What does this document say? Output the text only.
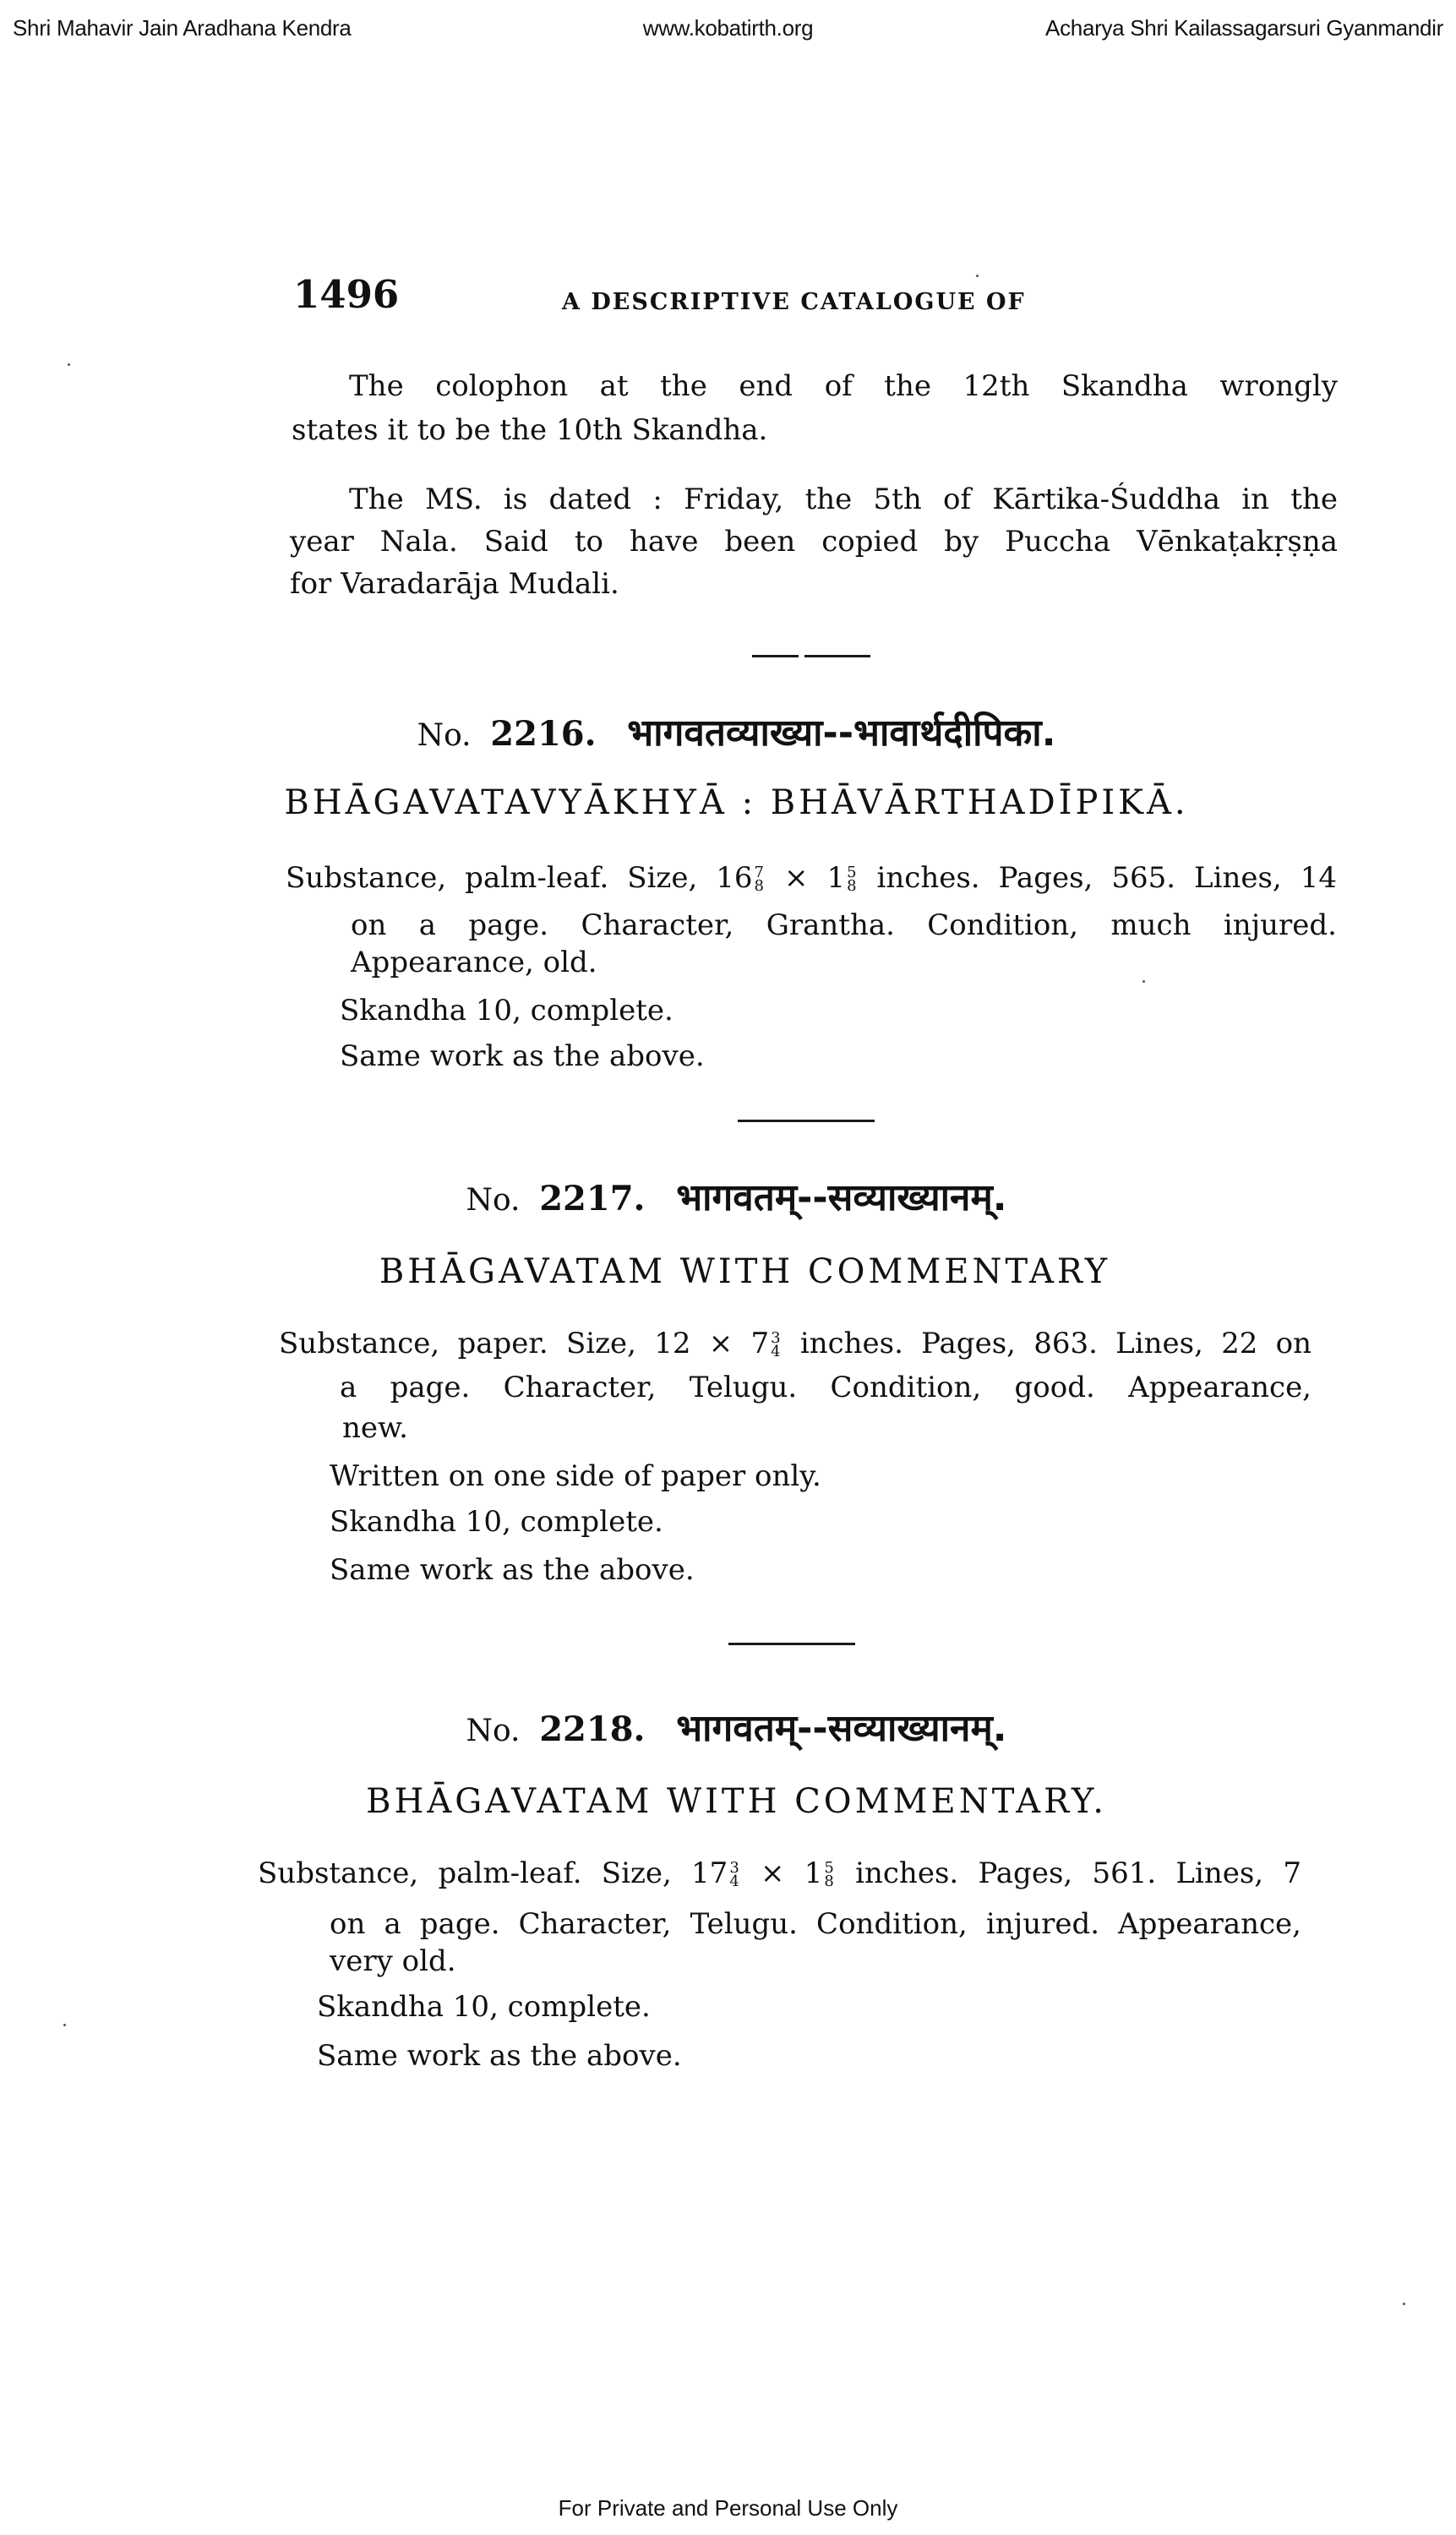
Shri Mahavir Jain Aradhana Kendra	www.kobatirth.org	Acharya Shri Kailassagarsuri Gyanmandir
1496	A DESCRIPTIVE CATALOGUE OF
The colophon at the end of the 12th Skandha wrongly
states it to be the 10th Skandha.
The MS. is dated : Friday, the 5th of Kārtika-Śuddha in the
year Nala. Said to have been copied by Puccha Vēnkaṭakṛṣṇa
for Varadarāja Mudali.
No. 2216. भागवतव्याख्या--भावार्थदीपिका.
BHĀGAVATAVYĀKHYĀ : BHĀVĀRTHADĪPIKĀ.
Substance, palm-leaf. Size, 16 7
8 × 1 5
8 inches. Pages, 565. Lines, 14
on a page. Character, Grantha. Condition, much injured.
Appearance, old.
Skandha 10, complete.
Same work as the above.
No. 2217. भागवतम्--सव्याख्यानम्.
BHĀGAVATAM WITH COMMENTARY
Substance, paper. Size, 12 × 7 3
4 inches. Pages, 863. Lines, 22 on
a page. Character, Telugu. Condition, good. Appearance,
new.
Written on one side of paper only.
Skandha 10, complete.
Same work as the above.
No. 2218. भागवतम्--सव्याख्यानम्.
BHĀGAVATAM WITH COMMENTARY.
Substance, palm-leaf. Size, 17 3
4 × 1 5
8 inches. Pages, 561. Lines, 7
on a page. Character, Telugu. Condition, injured. Appearance,
very old.
Skandha 10, complete.
Same work as the above.
For Private and Personal Use Only
